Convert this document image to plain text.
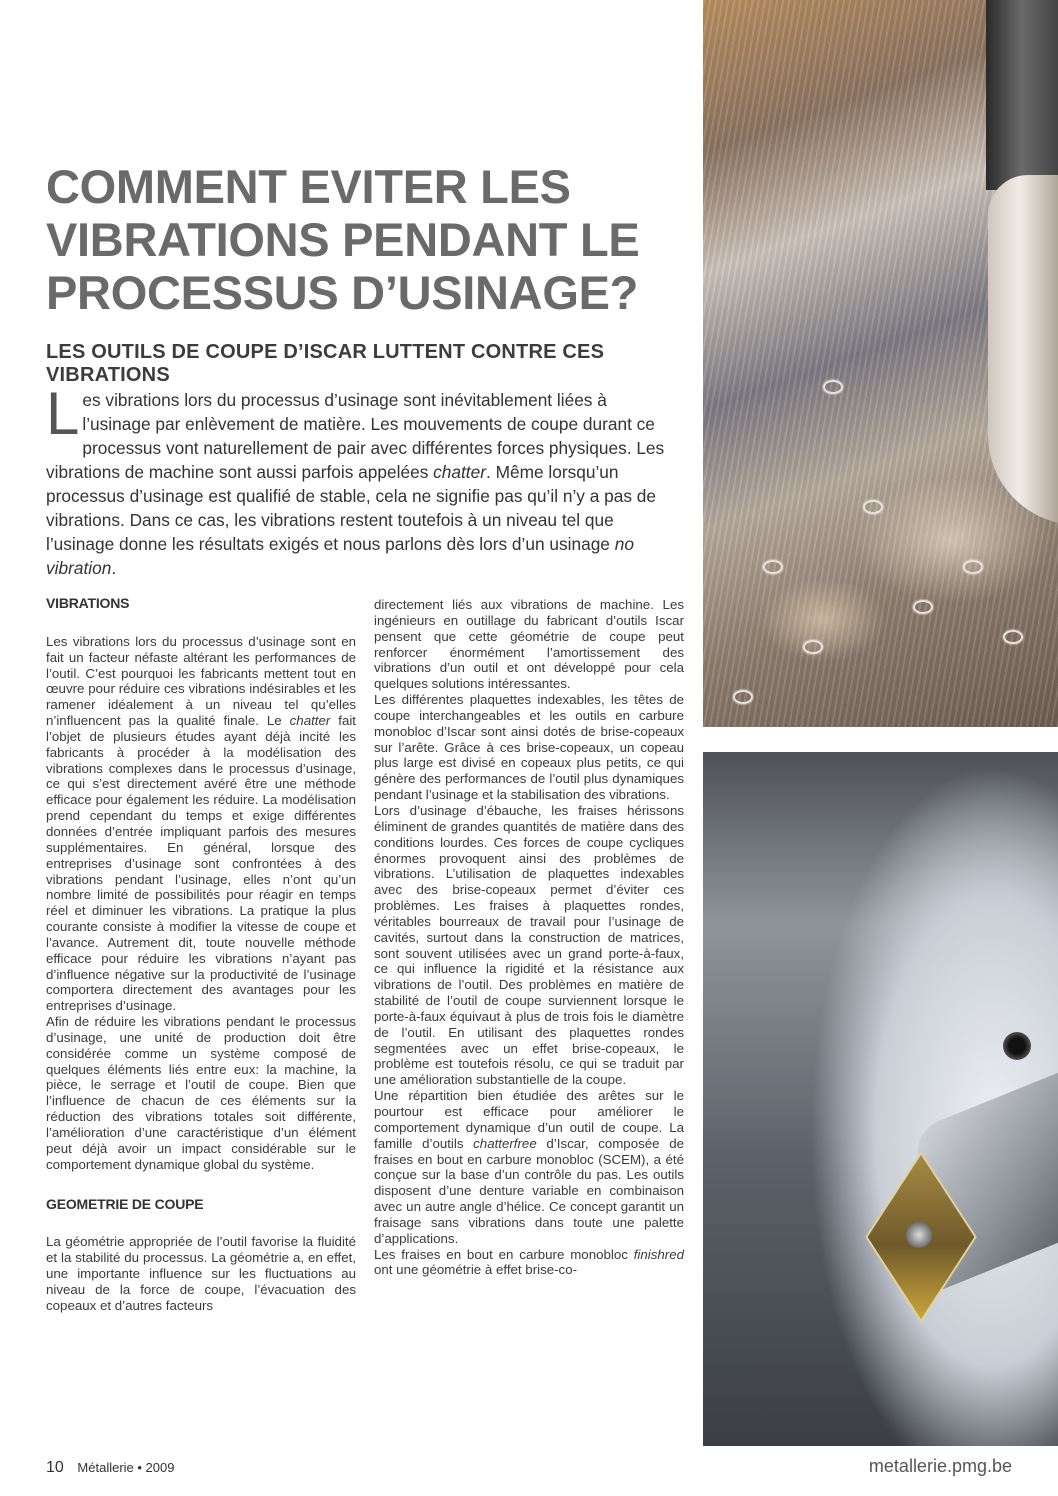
COMMENT EVITER LES
VIBRATIONS PENDANT LE
PROCESSUS D’USINAGE?
LES OUTILS DE COUPE D’ISCAR LUTTENT CONTRE CES VIBRATIONS

Les vibrations lors du processus d’usinage sont inévitablement liées à l’usinage par enlèvement de matière. Les mouvements de coupe durant ce processus vont naturellement de pair avec différentes forces physiques. Les vibrations de machine sont aussi parfois appelées chatter. Même lorsqu’un processus d’usinage est qualifié de stable, cela ne signifie pas qu’il n’y a pas de vibrations. Dans ce cas, les vibrations restent toutefois à un niveau tel que l’usinage donne les résultats exigés et nous parlons dès lors d’un usinage no vibration.

VIBRATIONS

Les vibrations lors du processus d’usinage sont en fait un facteur néfaste altérant les performances de l’outil. C’est pourquoi les fabricants mettent tout en œuvre pour réduire ces vibrations indésirables et les ramener idéalement à un niveau tel qu’elles n’influencent pas la qualité finale. Le chatter fait l’objet de plusieurs études ayant déjà incité les fabricants à procéder à la modélisation des vibrations complexes dans le processus d’usinage, ce qui s’est directement avéré être une méthode efficace pour également les réduire. La modélisation prend cependant du temps et exige différentes données d’entrée impliquant parfois des mesures supplémentaires. En général, lorsque des entreprises d’usinage sont confrontées à des vibrations pendant l’usinage, elles n’ont qu’un nombre limité de possibilités pour réagir en temps réel et diminuer les vibrations. La pratique la plus courante consiste à modifier la vitesse de coupe et l’avance. Autrement dit, toute nouvelle méthode efficace pour réduire les vibrations n’ayant pas d’influence négative sur la productivité de l’usinage comportera directement des avantages pour les entreprises d’usinage.

Afin de réduire les vibrations pendant le processus d’usinage, une unité de production doit être considérée comme un système composé de quelques éléments liés entre eux: la machine, la pièce, le serrage et l’outil de coupe. Bien que l’influence de chacun de ces éléments sur la réduction des vibrations totales soit différente, l’amélioration d’une caractéristique d’un élément peut déjà avoir un impact considérable sur le comportement dynamique global du système.

GEOMETRIE DE COUPE

La géométrie appropriée de l’outil favorise la fluidité et la stabilité du processus. La géométrie a, en effet, une importante influence sur les fluctuations au niveau de la force de coupe, l’évacuation des copeaux et d’autres facteurs

directement liés aux vibrations de machine. Les ingénieurs en outillage du fabricant d’outils Iscar pensent que cette géométrie de coupe peut renforcer énormément l’amortissement des vibrations d’un outil et ont développé pour cela quelques solutions intéressantes.

Les différentes plaquettes indexables, les têtes de coupe interchangeables et les outils en carbure monobloc d’Iscar sont ainsi dotés de brise-copeaux sur l’arête. Grâce à ces brise-copeaux, un copeau plus large est divisé en copeaux plus petits, ce qui génère des performances de l’outil plus dynamiques pendant l’usinage et la stabilisation des vibrations.

Lors d’usinage d’ébauche, les fraises hérissons éliminent de grandes quantités de matière dans des conditions lourdes. Ces forces de coupe cycliques énormes provoquent ainsi des problèmes de vibrations. L’utilisation de plaquettes indexables avec des brise-copeaux permet d’éviter ces problèmes. Les fraises à plaquettes rondes, véritables bourreaux de travail pour l’usinage de cavités, surtout dans la construction de matrices, sont souvent utilisées avec un grand porte-à-faux, ce qui influence la rigidité et la résistance aux vibrations de l’outil. Des problèmes en matière de stabilité de l’outil de coupe surviennent lorsque le porte-à-faux équivaut à plus de trois fois le diamètre de l’outil. En utilisant des plaquettes rondes segmentées avec un effet brise-copeaux, le problème est toutefois résolu, ce qui se traduit par une amélioration substantielle de la coupe.

Une répartition bien étudiée des arêtes sur le pourtour est efficace pour améliorer le comportement dynamique d’un outil de coupe. La famille d’outils chatterfree d’Iscar, composée de fraises en bout en carbure monobloc (SCEM), a été conçue sur la base d’un contrôle du pas. Les outils disposent d’une denture variable en combinaison avec un autre angle d’hélice. Ce concept garantit un fraisage sans vibrations dans toute une palette d’applications.

Les fraises en bout en carbure monobloc finishred ont une géométrie à effet brise-co-

10 Métallerie • 2009	metallerie.pmg.be
